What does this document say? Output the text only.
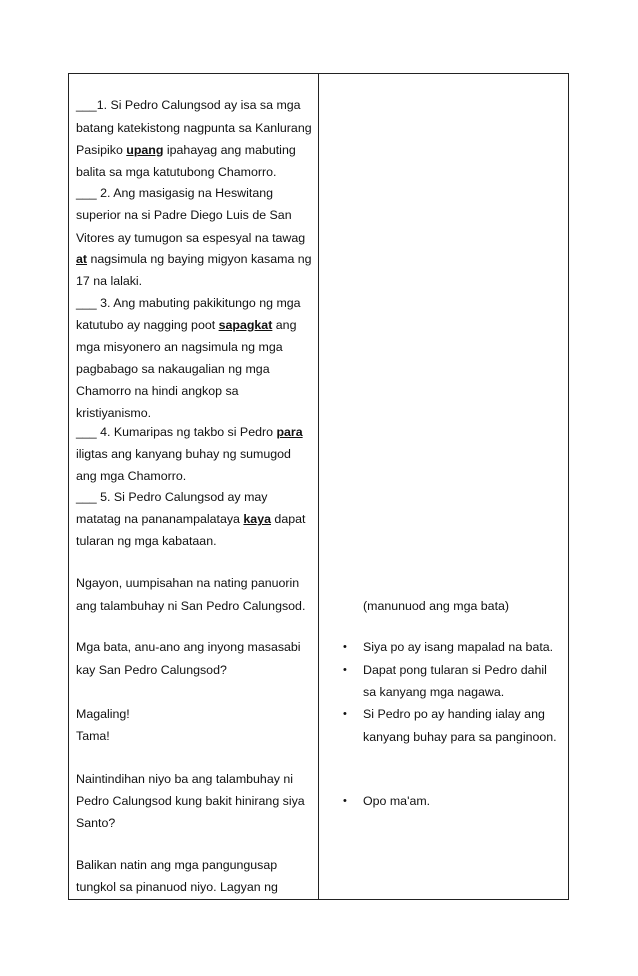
___1. Si Pedro Calungsod ay isa sa mga
batang katekistong nagpunta sa Kanlurang
Pasipiko upang ipahayag ang mabuting
balita sa mga katutubong Chamorro.
___ 2. Ang masigasig na Heswitang
superior na si Padre Diego Luis de San
Vitores ay tumugon sa espesyal na tawag
at nagsimula ng baying migyon kasama ng
17 na lalaki.
___ 3. Ang mabuting pakikitungo ng mga
katutubo ay nagging poot sapagkat ang
mga misyonero an nagsimula ng mga
pagbabago sa nakaugalian ng mga
Chamorro na hindi angkop sa
kristiyanismo.
___ 4. Kumaripas ng takbo si Pedro para
iligtas ang kanyang buhay ng sumugod
ang mga Chamorro.
___ 5. Si Pedro Calungsod ay may
matatag na pananampalataya kaya dapat
tularan ng mga kabataan.
Ngayon, uumpisahan na nating panuorin
ang talambuhay ni San Pedro Calungsod.
Mga bata, anu-ano ang inyong masasabi
kay San Pedro Calungsod?
Magaling!
Tama!
Naintindihan niyo ba ang talambuhay ni
Pedro Calungsod kung bakit hinirang siya
Santo?
Balikan natin ang mga pangungusap
tungkol sa pinanuod niyo. Lagyan ng
(manunuod ang mga bata)
• Siya po ay isang mapalad na bata.
• Dapat pong tularan si Pedro dahil
sa kanyang mga nagawa.
• Si Pedro po ay handing ialay ang
kanyang buhay para sa panginoon.
• Opo ma'am.
